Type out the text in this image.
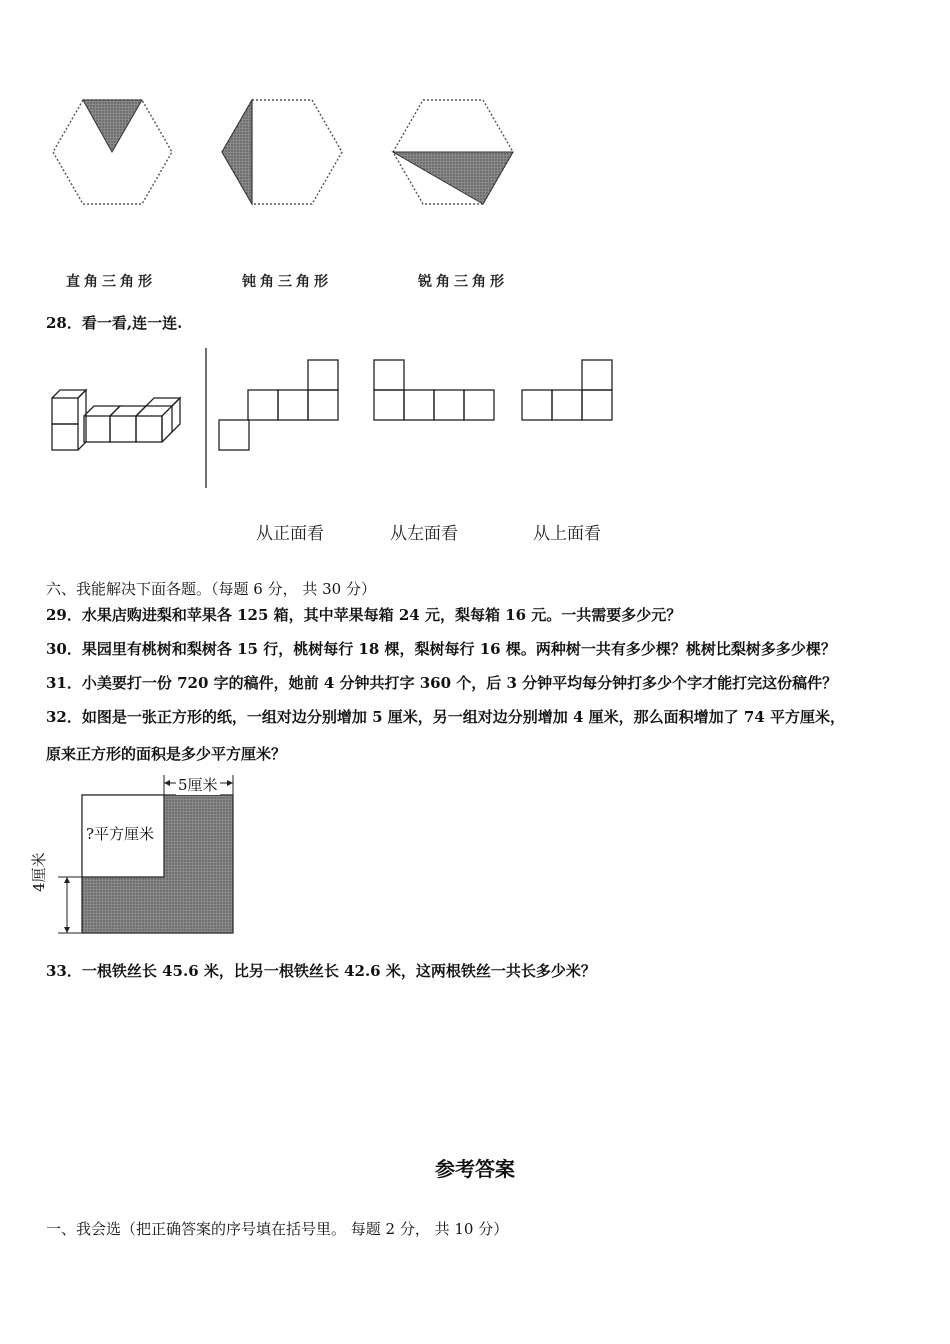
直角三角形	钝角三角形	锐角三角形
28．看一看,连一连.
从正面看	从左面看	从上面看
六、我能解决下面各题。（每题 6 分， 共 30 分）
29．水果店购进梨和苹果各 125 箱，其中苹果每箱 24 元，梨每箱 16 元。一共需要多少元？
30．果园里有桃树和梨树各 15 行，桃树每行 18 棵，梨树每行 16 棵。两种树一共有多少棵？桃树比梨树多多少棵？
31．小美要打一份 720 字的稿件，她前 4 分钟共打字 360 个，后 3 分钟平均每分钟打多少个字才能打完这份稿件？
32．如图是一张正方形的纸，一组对边分别增加 5 厘米，另一组对边分别增加 4 厘米，那么面积增加了 74 平方厘米，
原来正方形的面积是多少平方厘米？
5厘米
?平方厘米
4厘米
33．一根铁丝长 45.6 米，比另一根铁丝长 42.6 米，这两根铁丝一共长多少米？
参考答案
一、我会选（把正确答案的序号填在括号里。 每题 2 分， 共 10 分）
